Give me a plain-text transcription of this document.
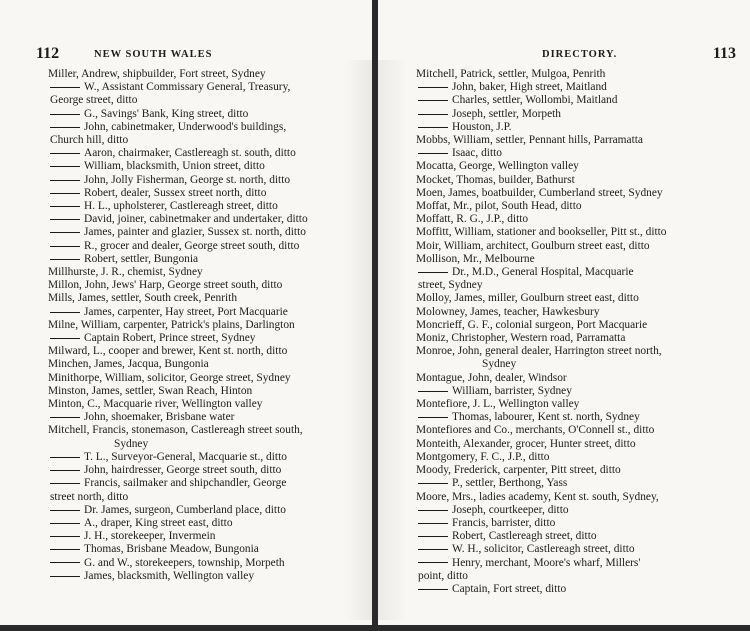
112	NEW SOUTH WALES
Miller, Andrew, shipbuilder, Fort street, Sydney
W., Assistant Commissary General, Treasury,
George street, ditto
G., Savings' Bank, King street, ditto
John, cabinetmaker, Underwood's buildings,
Church hill, ditto
Aaron, chairmaker, Castlereagh st. south, ditto
William, blacksmith, Union street, ditto
John, Jolly Fisherman, George st. north, ditto
Robert, dealer, Sussex street north, ditto
H. L., upholsterer, Castlereagh street, ditto
David, joiner, cabinetmaker and undertaker, ditto
James, painter and glazier, Sussex st. north, ditto
R., grocer and dealer, George street south, ditto
Robert, settler, Bungonia
Millhurste, J. R., chemist, Sydney
Millon, John, Jews' Harp, George street south, ditto
Mills, James, settler, South creek, Penrith
James, carpenter, Hay street, Port Macquarie
Milne, William, carpenter, Patrick's plains, Darlington
Captain Robert, Prince street, Sydney
Milward, L., cooper and brewer, Kent st. north, ditto
Minchen, James, Jacqua, Bungonia
Minithorpe, William, solicitor, George street, Sydney
Minston, James, settler, Swan Reach, Hinton
Minton, C., Macquarie river, Wellington valley
John, shoemaker, Brisbane water
Mitchell, Francis, stonemason, Castlereagh street south,
Sydney
T. L., Surveyor-General, Macquarie st., ditto
John, hairdresser, George street south, ditto
Francis, sailmaker and shipchandler, George
street north, ditto
Dr. James, surgeon, Cumberland place, ditto
A., draper, King street east, ditto
J. H., storekeeper, Invermein
Thomas, Brisbane Meadow, Bungonia
G. and W., storekeepers, township, Morpeth
James, blacksmith, Wellington valley
DIRECTORY.	113
Mitchell, Patrick, settler, Mulgoa, Penrith
John, baker, High street, Maitland
Charles, settler, Wollombi, Maitland
Joseph, settler, Morpeth
Houston, J.P.
Mobbs, William, settler, Pennant hills, Parramatta
Isaac, ditto
Mocatta, George, Wellington valley
Mocket, Thomas, builder, Bathurst
Moen, James, boatbuilder, Cumberland street, Sydney
Moffat, Mr., pilot, South Head, ditto
Moffatt, R. G., J.P., ditto
Moffitt, William, stationer and bookseller, Pitt st., ditto
Moir, William, architect, Goulburn street east, ditto
Mollison, Mr., Melbourne
Dr., M.D., General Hospital, Macquarie
street, Sydney
Molloy, James, miller, Goulburn street east, ditto
Molowney, James, teacher, Hawkesbury
Moncrieff, G. F., colonial surgeon, Port Macquarie
Moniz, Christopher, Western road, Parramatta
Monroe, John, general dealer, Harrington street north,
Sydney
Montague, John, dealer, Windsor
William, barrister, Sydney
Montefiore, J. L., Wellington valley
Thomas, labourer, Kent st. north, Sydney
Montefiores and Co., merchants, O'Connell st., ditto
Monteith, Alexander, grocer, Hunter street, ditto
Montgomery, F. C., J.P., ditto
Moody, Frederick, carpenter, Pitt street, ditto
P., settler, Berthong, Yass
Moore, Mrs., ladies academy, Kent st. south, Sydney,
Joseph, courtkeeper, ditto
Francis, barrister, ditto
Robert, Castlereagh street, ditto
W. H., solicitor, Castlereagh street, ditto
Henry, merchant, Moore's wharf, Millers'
point, ditto
Captain, Fort street, ditto
